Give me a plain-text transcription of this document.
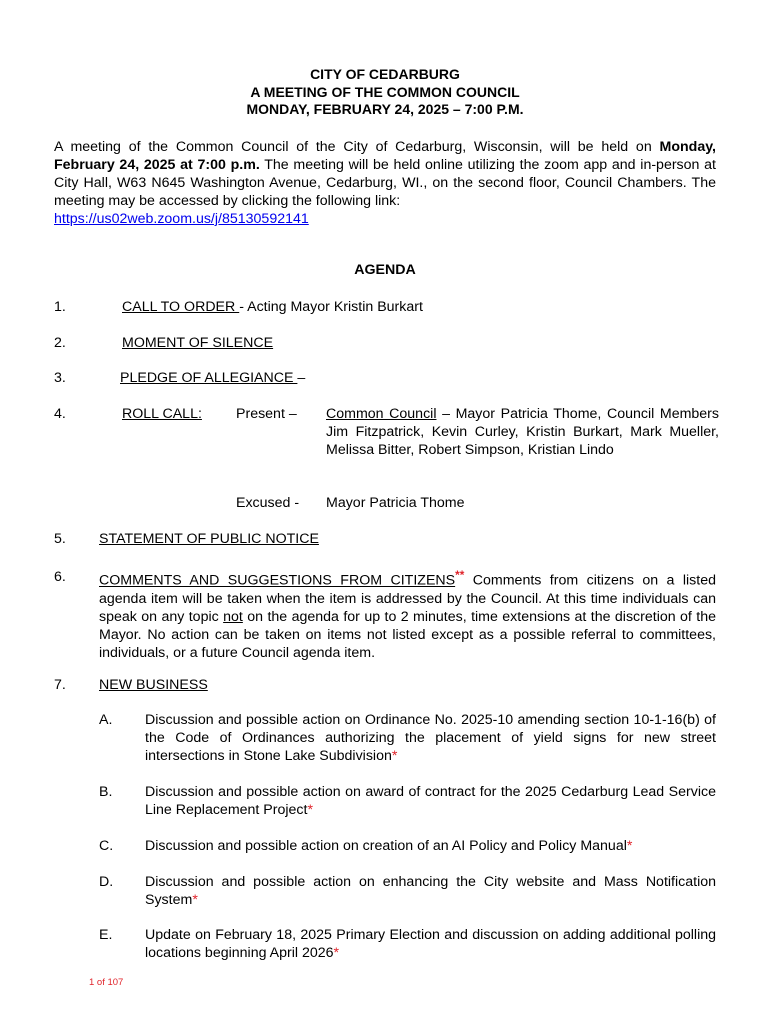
CITY OF CEDARBURG
A MEETING OF THE COMMON COUNCIL
MONDAY, FEBRUARY 24, 2025 – 7:00 P.M.
A meeting of the Common Council of the City of Cedarburg, Wisconsin, will be held on Monday, February 24, 2025 at 7:00 p.m. The meeting will be held online utilizing the zoom app and in-person at City Hall, W63 N645 Washington Avenue, Cedarburg, WI., on the second floor, Council Chambers. The meeting may be accessed by clicking the following link:
https://us02web.zoom.us/j/85130592141
AGENDA
1.	CALL TO ORDER - Acting Mayor Kristin Burkart
2.	MOMENT OF SILENCE
3.	PLEDGE OF ALLEGIANCE –
4.	ROLL CALL: Present – Common Council – Mayor Patricia Thome, Council Members Jim Fitzpatrick, Kevin Curley, Kristin Burkart, Mark Mueller, Melissa Bitter, Robert Simpson, Kristian Lindo
Excused - Mayor Patricia Thome
5. STATEMENT OF PUBLIC NOTICE
6. COMMENTS AND SUGGESTIONS FROM CITIZENS** Comments from citizens on a listed agenda item will be taken when the item is addressed by the Council. At this time individuals can speak on any topic not on the agenda for up to 2 minutes, time extensions at the discretion of the Mayor. No action can be taken on items not listed except as a possible referral to committees, individuals, or a future Council agenda item.
7. NEW BUSINESS
A. Discussion and possible action on Ordinance No. 2025-10 amending section 10-1-16(b) of the Code of Ordinances authorizing the placement of yield signs for new street intersections in Stone Lake Subdivision*
B. Discussion and possible action on award of contract for the 2025 Cedarburg Lead Service Line Replacement Project*
C. Discussion and possible action on creation of an AI Policy and Policy Manual*
D. Discussion and possible action on enhancing the City website and Mass Notification System*
E. Update on February 18, 2025 Primary Election and discussion on adding additional polling locations beginning April 2026*
1 of 107
